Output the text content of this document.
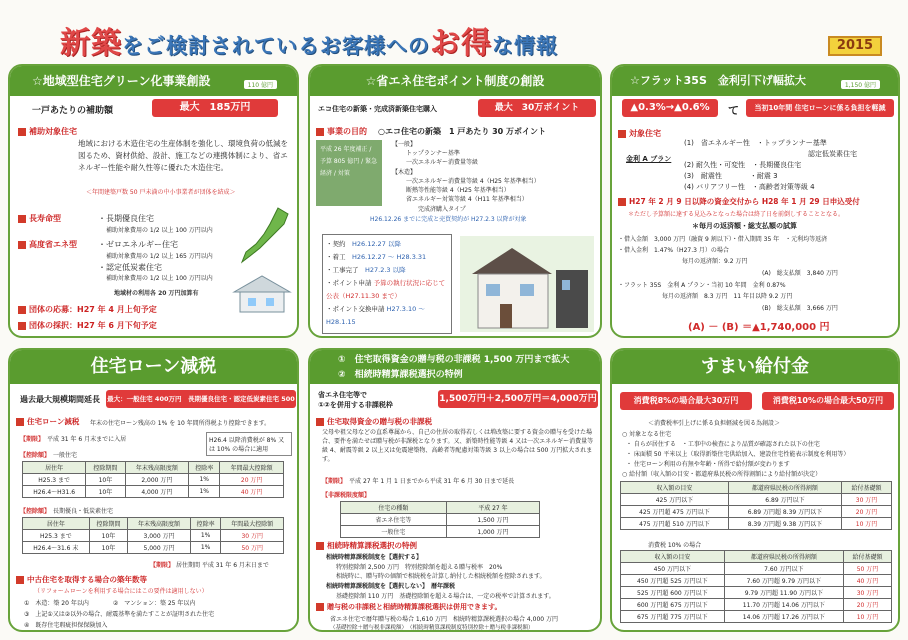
新築をご検討されているお客様へのお得な情報	2015
☆地域型住宅グリーン化事業創設	110 億円
一戸あたりの補助額	最大　185万円
補助対象住宅
地域における木造住宅の生産体制を強化し、環境負荷の低減を図るため、資材供給、設計、施工などの連携体制により、省エネルギー性能や耐久性等に優れた木造住宅。
＜年間建築戸数 50 戸未満の中小事業者が団体を結成＞
長寿命型	・長期優良住宅
補助対象費用の 1/2 以上 100 万円以内
高度省エネ型	・ゼロエネルギー住宅
補助対象費用の 1/2 以上 165 万円以内
・認定低炭素住宅
補助対象費用の 1/2 以上 100 万円以内
地域材の利用各 20 万円加算有
団体の応募：H27 年 4 月上旬予定
団体の採択：H27 年 6 月下旬予定
☆省エネ住宅ポイント制度の創設
エコ住宅の新築・完成済新築住宅購入	最大　30万ポイント
事業の目的 ○エコ住宅の新築　1 戸あたり 30 万ポイント
【一般】
トップランナー基準
一次エネルギー消費量等級
【木造】
一次エネルギー消費量等級 4（H25 年基準相当）
断熱等性能等級 4（H25 年基準相当）
省エネルギー対策等級 4（H11 年基準相当）
完成済購入タイプ
H26.12.26 までに完成と売買契約が H27.2.3 以降が対象
平成 26 年度補正 / 予算 805 億円 / 緊急経済 / 対策
・契約　 H26.12.27 以降
・着工　 H26.12.27 〜 H28.3.31
・工事完了　 H27.2.3 以降
・ポイント申請 予算の執行状況に応じて公表（H27.11.30 まで）
・ポイント交換申請 H27.3.10 〜 H28.1.15
☆フラット35S　金利引下げ幅拡大	1,150 億円
▲0.3%→▲0.6%	て	当初10年間 住宅ローンに係る負担を軽減
対象住宅
金利 A プラン
(1)　省エネルギー性　・トップランナー基準
認定低炭素住宅
(2) 耐久性・可変性　・長期優良住宅
(3)　耐震性　　　　・耐震 3
(4) バリアフリー性　・高齢者対策等級 4
H27 年 2 月 9 日以降の資金交付から H28 年 1 月 29 日申込受付
＊ただし予算額に達する見込みとなった場合は終了日を前倒しすることとなる。
＊毎月の返済額・総支払額の試算
・借入金額　3,000 万円（融資 9 割以下）・借入期間 35 年　・元利均等返済
・借入金利　1.47%（H27.3 月）の場合
毎月の返済額：9.2 万円
(A)　総支払額　3,840 万円
・フラット 35S　金利 A プラン・当初 10 年間　金利 0.87%
毎月の返済額　8.3 万円　11 年目以降 9.2 万円
(B)　総支払額　3,666 万円
(A) － (B) ＝▲1,740,000 円
住宅ローン減税
過去最大規模期間延長 最大：一般住宅 400万円　長期優良住宅・認定低炭素住宅 500万円
住宅ローン減税 年末の住宅ローン残高の 1% を 10 年間所得税より控除できます。
【期限】　 平成 31 年 6 月末までに入居	H26.4 以降消費税が 8% 又は 10% の場合に適用
【控除額】　 一般住宅
居住年	控除期間	年末残高限度額	控除率	年間最大控除額
H25.3 まで	10年	2,000 万円	1%	20 万円
H26.4〜H31.6	10年	4,000 万円	1%	40 万円
【控除額】　 長期優良・低炭素住宅
居住年	控除期間	年末残高限度額	控除率	年間最大控除額
H25.3 まで	10年	3,000 万円	1%	30 万円
H26.4〜31.6 末	10年	5,000 万円	1%	50 万円
【期限】 居住期間 平成 31 年 6 月末日まで
中古住宅を取得する場合の築年数等
（リフォームローンを利用する場合にはこの要件は適用しない）
①　木造：築 20 年以内　　　　②　マンション：築 25 年以内
③　上記①又は②以外の場合、耐震基準を満たすことが証明された住宅
④　既存住宅瑕疵担保保険加入
①　住宅取得資金の贈与税の非課税 1,500 万円まで拡大
②　相続時精算課税選択の特例
省エネ住宅等で
①②を併用する非課税枠
1,500万円＋2,500万円＝4,000万円
住宅取得資金の贈与税の非課税
父母や祖父母などの直系尊属から、自己の住居の取得若しくは増改築に要する資金の贈与を受けた場合、要件を満たせば贈与税が非課税となります。又、新築時性能等級 4 又は一次エネルギー消費量等級 4、耐震等級 2 以上又は免震建築物、高齢者等配慮対策等級 3 以上の場合は 500 万円拡大されます。
【期限】　 平成 27 年 1 月 1 日までから平成 31 年 6 月 30 日まで延長
【非課税限度額】
住宅の種類	平成 27 年
省エネ住宅等	1,500 万円
一般住宅	1,000 万円
相続時精算課税選択の特例
相続時精算課税制度を【選択する】
特別控除額 2,500 万円　特別控除額を超える贈与税率　20%
相続時に、贈与時の価額で相続税を計算し納付した相続税額を控除されます。
相続時精算課税制度を【選択しない】　暦年課税
基礎控除額 110 万円　基礎控除額を超える場合は、一定の税率で計算されます。
贈与税の非課税と相続時精算課税選択は併用できます。
省エネ住宅で暦年贈与税の場合 1,610 万円　相続時精算課税選択の場合 4,000 万円
（基礎控除＋贈与税非課税額）　（相続時精算課税制度特別控除＋贈与税非課税額）
すまい給付金
消費税8%の場合最大30万円	消費税10%の場合最大50万円
＜消費税率引上げに係る負担軽減を図る為創設＞
○ 対象となる住宅
・ 自らが居住する　・工事中の検査により品質が確認された以下の住宅
・ 床面積 50 平米以上（取得新築住宅供給加入、建設住宅性能表示制度を利用等）
・ 住宅ローン利用の有無や年齢・所得で給付額が変わります
○ 給付額（収入額の目安・都道府県民税の所得割額により給付額が決定）
収入額の目安	都道府県民税の所得割額	給付基礎額
425 万円以下	6.89 万円以下	30 万円
425 万円超 475 万円以下	6.89 万円超 8.39 万円以下	20 万円
475 万円超 510 万円以下	8.39 万円超 9.38 万円以下	10 万円
消費税 10% の場合
収入額の目安	都道府県民税の所得割額	給付基礎額
450 万円以下	7.60 万円以下	50 万円
450 万円超 525 万円以下	7.60 万円超 9.79 万円以下	40 万円
525 万円超 600 万円以下	9.79 万円超 11.90 万円以下	30 万円
600 万円超 675 万円以下	11.70 万円超 14.06 万円以下	20 万円
675 万円超 775 万円以下	14.06 万円超 17.26 万円以下	10 万円
